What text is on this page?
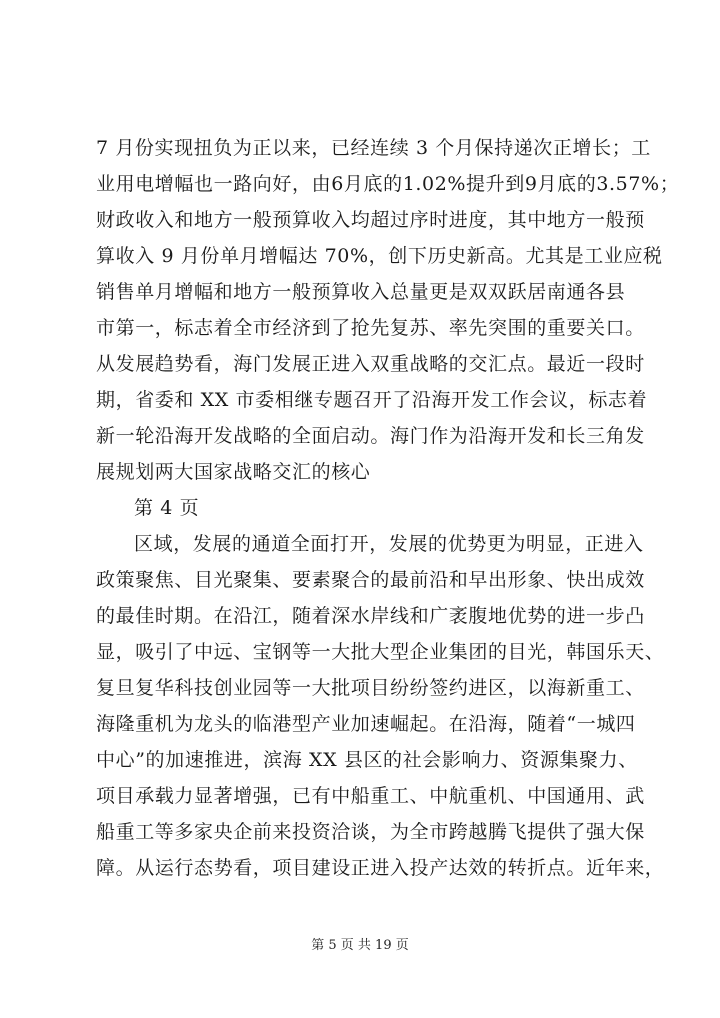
7 月份实现扭负为正以来，已经连续 3 个月保持递次正增长；工
业用电增幅也一路向好，由6月底的1.02%提升到9月底的3.57%；
财政收入和地方一般预算收入均超过序时进度，其中地方一般预
算收入 9 月份单月增幅达 70%，创下历史新高。尤其是工业应税
销售单月增幅和地方一般预算收入总量更是双双跃居南通各县
市第一，标志着全市经济到了抢先复苏、率先突围的重要关口。
从发展趋势看，海门发展正进入双重战略的交汇点。最近一段时
期，省委和 XX 市委相继专题召开了沿海开发工作会议，标志着
新一轮沿海开发战略的全面启动。海门作为沿海开发和长三角发
展规划两大国家战略交汇的核心
第 4 页
区域，发展的通道全面打开，发展的优势更为明显，正进入
政策聚焦、目光聚集、要素聚合的最前沿和早出形象、快出成效
的最佳时期。在沿江，随着深水岸线和广袤腹地优势的进一步凸
显，吸引了中远、宝钢等一大批大型企业集团的目光，韩国乐天、
复旦复华科技创业园等一大批项目纷纷签约进区，以海新重工、
海隆重机为龙头的临港型产业加速崛起。在沿海，随着“一城四
中心”的加速推进，滨海 XX 县区的社会影响力、资源集聚力、
项目承载力显著增强，已有中船重工、中航重机、中国通用、武
船重工等多家央企前来投资洽谈，为全市跨越腾飞提供了强大保
障。从运行态势看，项目建设正进入投产达效的转折点。近年来，
第 5 页 共 19 页
